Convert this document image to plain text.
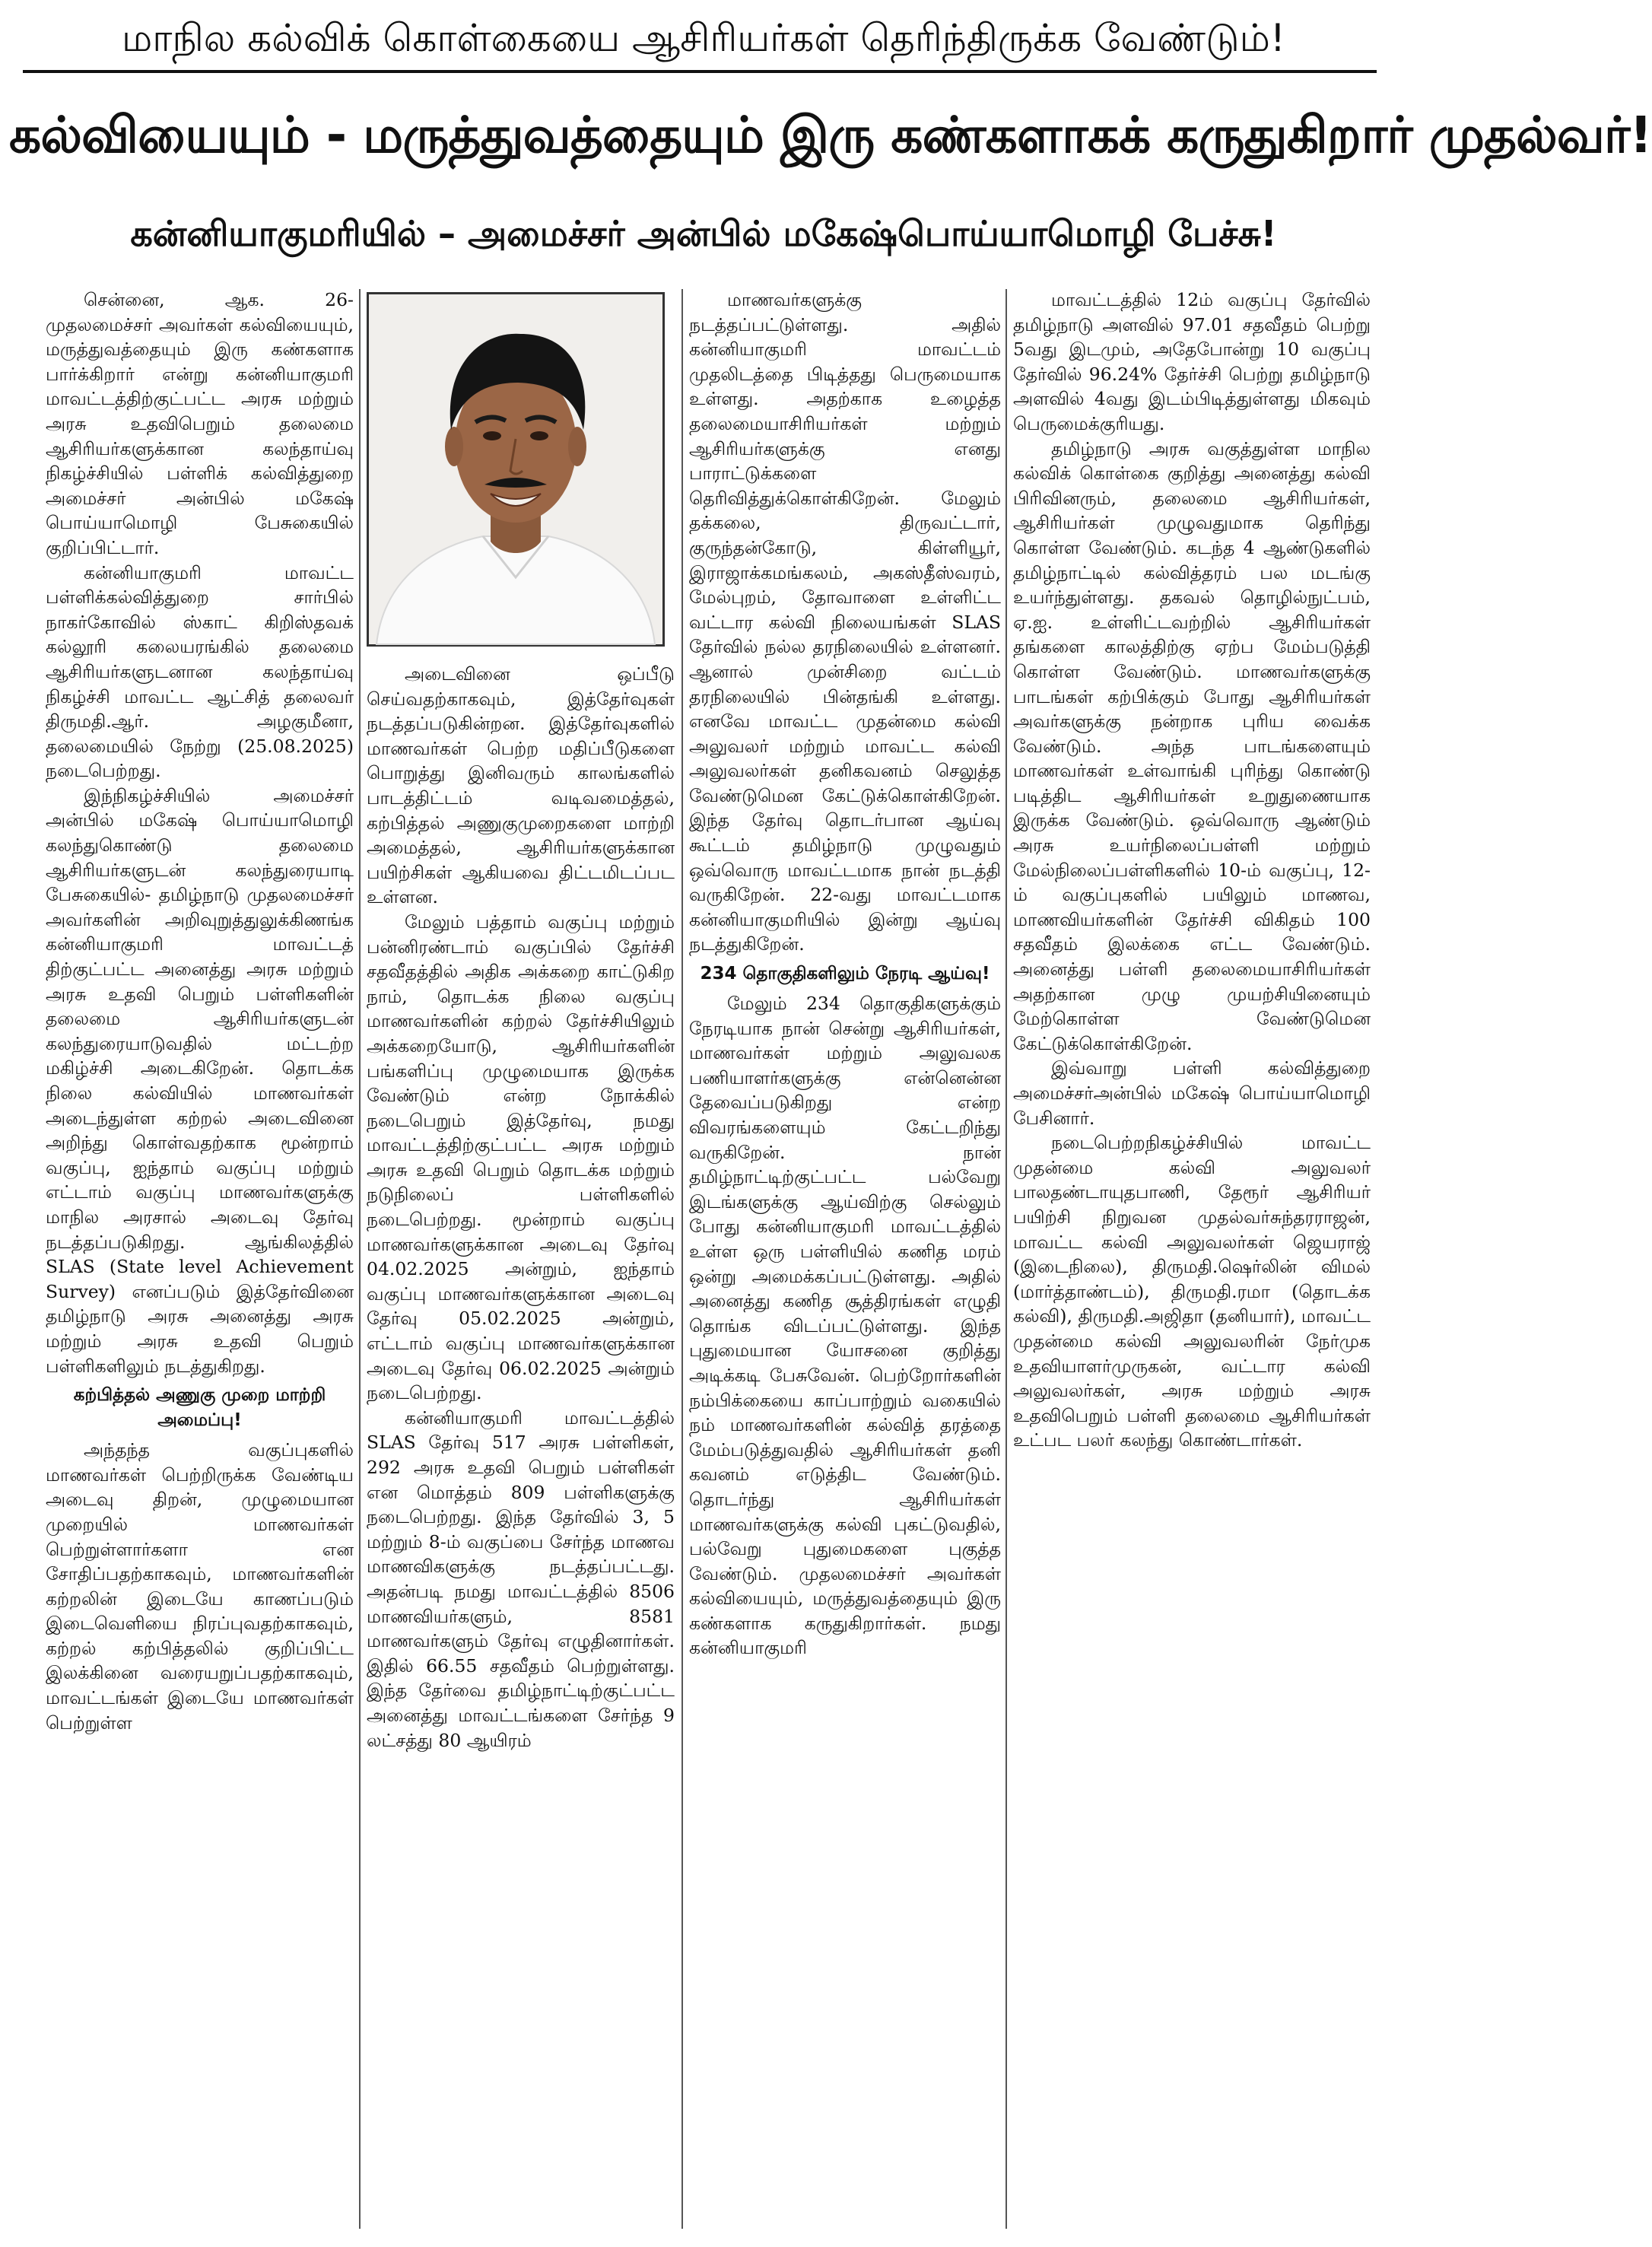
மாநில கல்விக் கொள்கையை ஆசிரியர்கள் தெரிந்திருக்க வேண்டும்!
கல்வியையும் - மருத்துவத்தையும் இரு கண்களாகக் கருதுகிறார் முதல்வர்!
கன்னியாகுமரியில் – அமைச்சர் அன்பில் மகேஷ்பொய்யாமொழி பேச்சு!

சென்னை, ஆக. 26- முதலமைச்சர் அவர்கள் கல்வியையும், மருத்துவத்தையும் இரு கண்களாக பார்க்கிறார் என்று கன்னியாகுமரி மாவட்டத்திற்குட்பட்ட அரசு மற்றும் அரசு உதவிபெறும் தலைமை ஆசிரியர்களுக்கான கலந்தாய்வு நிகழ்ச்சியில் பள்ளிக் கல்வித்துறை அமைச்சர் அன்பில் மகேஷ் பொய்யாமொழி பேசுகையில் குறிப்பிட்டார்.

கன்னியாகுமரி மாவட்ட பள்ளிக்கல்வித்துறை சார்பில் நாகர்கோவில் ஸ்காட் கிறிஸ்தவக் கல்லூரி கலையரங்கில் தலைமை ஆசிரியர்களுடனான கலந்தாய்வு நிகழ்ச்சி மாவட்ட ஆட்சித் தலைவர் திருமதி.ஆர். அழகுமீனா, தலைமையில் நேற்று (25.08.2025) நடைபெற்றது.

இந்நிகழ்ச்சியில் அமைச்சர் அன்பில் மகேஷ் பொய்யாமொழி கலந்துகொண்டு தலைமை ஆசிரியர்களுடன் கலந்துரையாடி பேசுகையில்- தமிழ்நாடு முதலமைச்சர் அவர்களின் அறிவுறுத்துலுக்கிணங்க கன்னியாகுமரி மாவட்டத் திற்குட்பட்ட அனைத்து அரசு மற்றும் அரசு உதவி பெறும் பள்ளிகளின் தலைமை ஆசிரியர்களுடன் கலந்துரையாடுவதில் மட்டற்ற மகிழ்ச்சி அடைகிறேன். தொடக்க நிலை கல்வியில் மாணவர்கள் அடைந்துள்ள கற்றல் அடைவினை அறிந்து கொள்வதற்காக மூன்றாம் வகுப்பு, ஐந்தாம் வகுப்பு மற்றும் எட்டாம் வகுப்பு மாணவர்களுக்கு மாநில அரசால் அடைவு தேர்வு நடத்தப்படுகிறது. ஆங்கிலத்தில் SLAS (State level Achievement Survey) எனப்படும் இத்தேர்வினை தமிழ்நாடு அரசு அனைத்து அரசு மற்றும் அரசு உதவி பெறும் பள்ளிகளிலும் நடத்துகிறது.

கற்பித்தல் அணுகு முறை மாற்றி அமைப்பு!

அந்தந்த வகுப்புகளில் மாணவர்கள் பெற்றிருக்க வேண்டிய அடைவு திறன், முழுமையான முறையில் மாணவர்கள் பெற்றுள்ளார்களா என சோதிப்பதற்காகவும், மாணவர்களின் கற்றலின் இடையே காணப்படும் இடைவெளியை நிரப்புவதற்காகவும், கற்றல் கற்பித்தலில் குறிப்பிட்ட இலக்கினை வரையறுப்பதற்காகவும், மாவட்டங்கள் இடையே மாணவர்கள் பெற்றுள்ள

அடைவினை ஒப்பீடு செய்வதற்காகவும், இத்தேர்வுகள் நடத்தப்படுகின்றன. இத்தேர்வுகளில் மாணவர்கள் பெற்ற மதிப்பீடுகளை பொறுத்து இனிவரும் காலங்களில் பாடத்திட்டம் வடிவமைத்தல், கற்பித்தல் அணுகுமுறைகளை மாற்றி அமைத்தல், ஆசிரியர்களுக்கான பயிற்சிகள் ஆகியவை திட்டமிடப்பட உள்ளன.

மேலும் பத்தாம் வகுப்பு மற்றும் பன்னிரண்டாம் வகுப்பில் தேர்ச்சி சதவீதத்தில் அதிக அக்கறை காட்டுகிற நாம், தொடக்க நிலை வகுப்பு மாணவர்களின் கற்றல் தேர்ச்சியிலும் அக்கறையோடு, ஆசிரியர்களின் பங்களிப்பு முழுமையாக இருக்க வேண்டும் என்ற நோக்கில் நடைபெறும் இத்தேர்வு, நமது மாவட்டத்திற்குட்பட்ட அரசு மற்றும் அரசு உதவி பெறும் தொடக்க மற்றும் நடுநிலைப் பள்ளிகளில் நடைபெற்றது. மூன்றாம் வகுப்பு மாணவர்களுக்கான அடைவு தேர்வு 04.02.2025 அன்றும், ஐந்தாம் வகுப்பு மாணவர்களுக்கான அடைவு தேர்வு 05.02.2025 அன்றும், எட்டாம் வகுப்பு மாணவர்களுக்கான அடைவு தேர்வு 06.02.2025 அன்றும் நடைபெற்றது.

கன்னியாகுமரி மாவட்டத்தில் SLAS தேர்வு 517 அரசு பள்ளிகள், 292 அரசு உதவி பெறும் பள்ளிகள் என மொத்தம் 809 பள்ளிகளுக்கு நடைபெற்றது. இந்த தேர்வில் 3, 5 மற்றும் 8-ம் வகுப்பை சேர்ந்த மாணவ மாணவிகளுக்கு நடத்தப்பட்டது. அதன்படி நமது மாவட்டத்தில் 8506 மாணவியர்களும், 8581 மாணவர்களும் தேர்வு எழுதினார்கள். இதில் 66.55 சதவீதம் பெற்றுள்ளது. இந்த தேர்வை தமிழ்நாட்டிற்குட்பட்ட அனைத்து மாவட்டங்களை சேர்ந்த 9 லட்சத்து 80 ஆயிரம்

மாணவர்களுக்கு நடத்தப்பட்டுள்ளது. அதில் கன்னியாகுமரி மாவட்டம் முதலிடத்தை பிடித்தது பெருமையாக உள்ளது. அதற்காக உழைத்த தலைமையாசிரியர்கள் மற்றும் ஆசிரியர்களுக்கு எனது பாராட்டுக்களை தெரிவித்துக்கொள்கிறேன். மேலும் தக்கலை, திருவட்டார், குருந்தன்கோடு, கிள்ளியூர், இராஜாக்கமங்கலம், அகஸ்தீஸ்வரம், மேல்புறம், தோவாளை உள்ளிட்ட வட்டார கல்வி நிலையங்கள் SLAS தேர்வில் நல்ல தரநிலையில் உள்ளனர். ஆனால் முன்சிறை வட்டம் தரநிலையில் பின்தங்கி உள்ளது. எனவே மாவட்ட முதன்மை கல்வி அலுவலர் மற்றும் மாவட்ட கல்வி அலுவலர்கள் தனிகவனம் செலுத்த வேண்டுமென கேட்டுக்கொள்கிறேன். இந்த தேர்வு தொடர்பான ஆய்வு கூட்டம் தமிழ்நாடு முழுவதும் ஒவ்வொரு மாவட்டமாக நான் நடத்தி வருகிறேன். 22-வது மாவட்டமாக கன்னியாகுமரியில் இன்று ஆய்வு நடத்துகிறேன்.

234 தொகுதிகளிலும் நேரடி ஆய்வு!

மேலும் 234 தொகுதிகளுக்கும் நேரடியாக நான் சென்று ஆசிரியர்கள், மாணவர்கள் மற்றும் அலுவலக பணியாளர்களுக்கு என்னென்ன தேவைப்படுகிறது என்ற விவரங்களையும் கேட்டறிந்து வருகிறேன். நான் தமிழ்நாட்டிற்குட்பட்ட பல்வேறு இடங்களுக்கு ஆய்விற்கு செல்லும் போது கன்னியாகுமரி மாவட்டத்தில் உள்ள ஒரு பள்ளியில் கணித மரம் ஒன்று அமைக்கப்பட்டுள்ளது. அதில் அனைத்து கணித சூத்திரங்கள் எழுதி தொங்க விடப்பட்டுள்ளது. இந்த புதுமையான யோசனை குறித்து அடிக்கடி பேசுவேன். பெற்றோர்களின் நம்பிக்கையை காப்பாற்றும் வகையில் நம் மாணவர்களின் கல்வித் தரத்தை மேம்படுத்துவதில் ஆசிரியர்கள் தனி கவனம் எடுத்திட வேண்டும். தொடர்ந்து ஆசிரியர்கள் மாணவர்களுக்கு கல்வி புகட்டுவதில், பல்வேறு புதுமைகளை புகுத்த வேண்டும். முதலமைச்சர் அவர்கள் கல்வியையும், மருத்துவத்தையும் இரு கண்களாக கருதுகிறார்கள். நமது கன்னியாகுமரி

மாவட்டத்தில் 12ம் வகுப்பு தேர்வில் தமிழ்நாடு அளவில் 97.01 சதவீதம் பெற்று 5வது இடமும், அதேபோன்று 10 வகுப்பு தேர்வில் 96.24% தேர்ச்சி பெற்று தமிழ்நாடு அளவில் 4வது இடம்பிடித்துள்ளது மிகவும் பெருமைக்குரியது.

தமிழ்நாடு அரசு வகுத்துள்ள மாநில கல்விக் கொள்கை குறித்து அனைத்து கல்வி பிரிவினரும், தலைமை ஆசிரியர்கள், ஆசிரியர்கள் முழுவதுமாக தெரிந்து கொள்ள வேண்டும். கடந்த 4 ஆண்டுகளில் தமிழ்நாட்டில் கல்வித்தரம் பல மடங்கு உயர்ந்துள்ளது. தகவல் தொழில்நுட்பம், ஏ.ஐ. உள்ளிட்டவற்றில் ஆசிரியர்கள் தங்களை காலத்திற்கு ஏற்ப மேம்படுத்தி கொள்ள வேண்டும். மாணவர்களுக்கு பாடங்கள் கற்பிக்கும் போது ஆசிரியர்கள் அவர்களுக்கு நன்றாக புரிய வைக்க வேண்டும். அந்த பாடங்களையும் மாணவர்கள் உள்வாங்கி புரிந்து கொண்டு படித்திட ஆசிரியர்கள் உறுதுணையாக இருக்க வேண்டும். ஒவ்வொரு ஆண்டும் அரசு உயர்நிலைப்பள்ளி மற்றும் மேல்நிலைப்பள்ளிகளில் 10-ம் வகுப்பு, 12-ம் வகுப்புகளில் பயிலும் மாணவ, மாணவியர்களின் தேர்ச்சி விகிதம் 100 சதவீதம் இலக்கை எட்ட வேண்டும். அனைத்து பள்ளி தலைமையாசிரியர்கள் அதற்கான முழு முயற்சியினையும் மேற்கொள்ள வேண்டுமென கேட்டுக்கொள்கிறேன்.

இவ்வாறு பள்ளி கல்வித்துறை அமைச்சர்அன்பில் மகேஷ் பொய்யாமொழி பேசினார்.

நடைபெற்றநிகழ்ச்சியில் மாவட்ட முதன்மை கல்வி அலுவலர் பாலதண்டாயுதபாணி, தேரூர் ஆசிரியர் பயிற்சி நிறுவன முதல்வர்சுந்தரராஜன், மாவட்ட கல்வி அலுவலர்கள் ஜெயராஜ் (இடைநிலை), திருமதி.ஷெர்லின் விமல் (மார்த்தாண்டம்), திருமதி.ரமா (தொடக்க கல்வி), திருமதி.அஜிதா (தனியார்), மாவட்ட முதன்மை கல்வி அலுவலரின் நேர்முக உதவியாளர்முருகன், வட்டார கல்வி அலுவலர்கள், அரசு மற்றும் அரசு உதவிபெறும் பள்ளி தலைமை ஆசிரியர்கள் உட்பட பலர் கலந்து கொண்டார்கள்.
